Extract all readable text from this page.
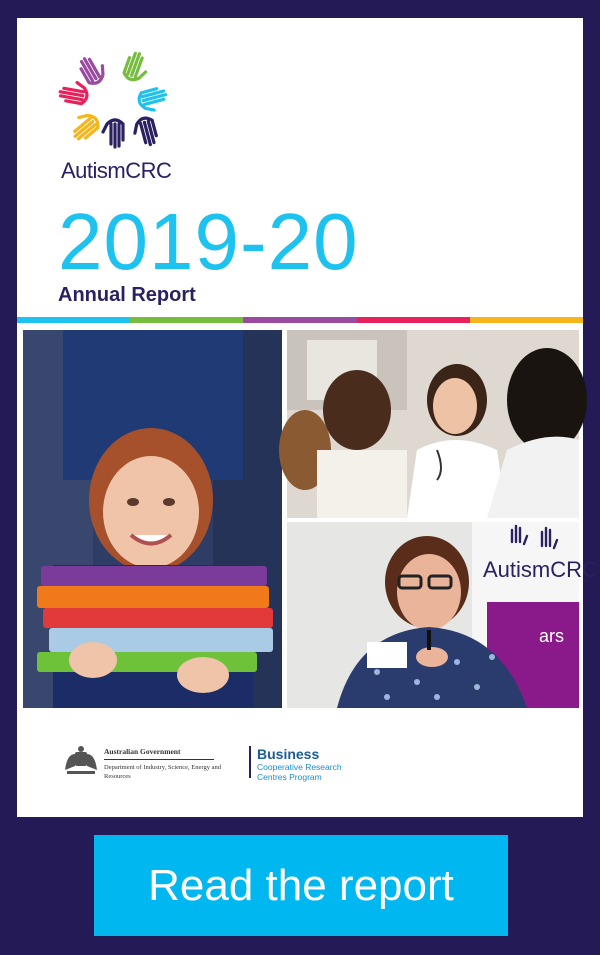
AutismCRC
2019-20
Annual Report
AutismCRC
ars
Australian Government
Department of Industry, Science, Energy and Resources
Business
Cooperative Research Centres Program
Read the report
